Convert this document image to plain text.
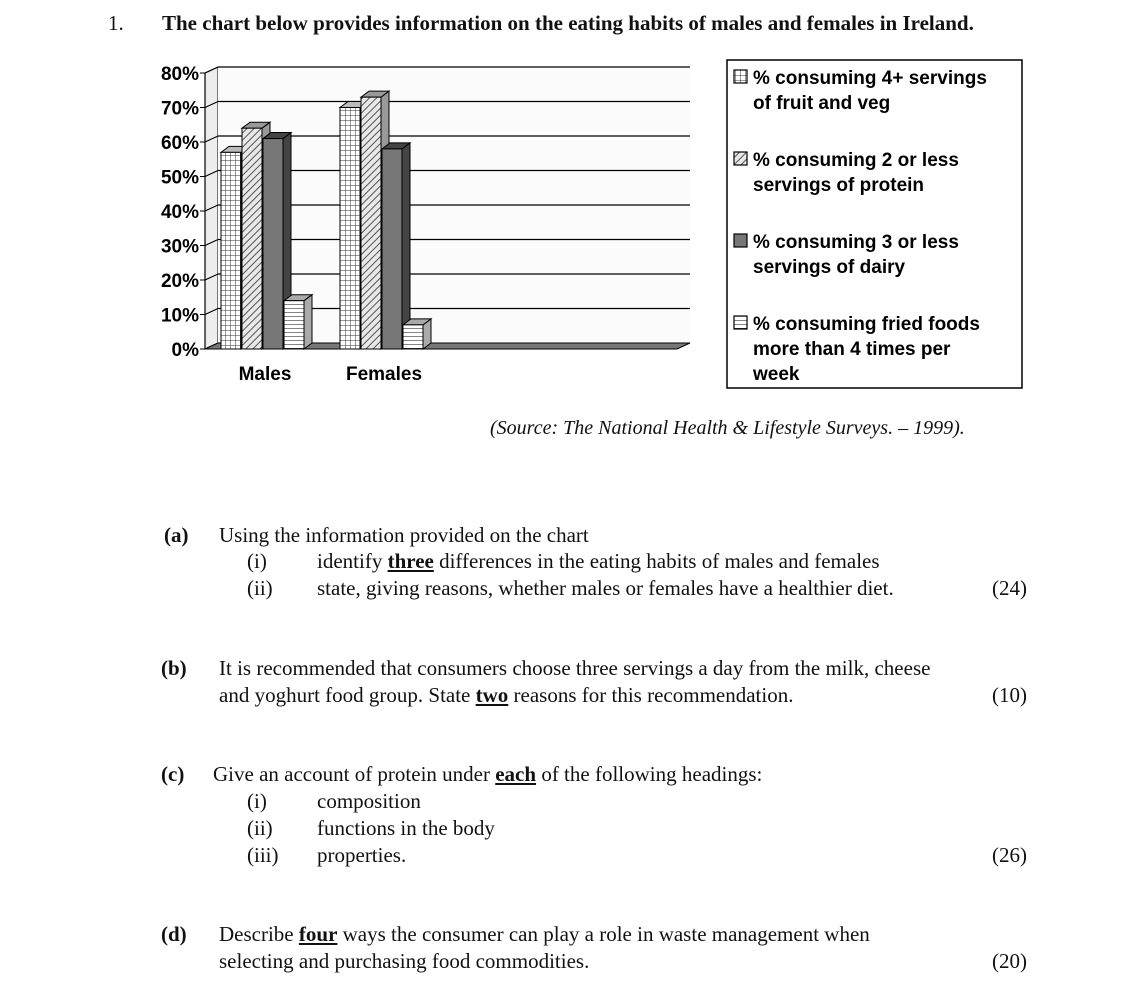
1. The chart below provides information on the eating habits of males and females in Ireland.
0%
10%
20%
30%
40%
50%
60%
70%
80%
Males	Females
% consuming 4+ servings
of fruit and veg
% consuming 2 or less
servings of protein
% consuming 3 or less
servings of dairy
% consuming fried foods
more than 4 times per
week
(Source: The National Health & Lifestyle Surveys. – 1999).
(a) Using the information provided on the chart
(i) identify three differences in the eating habits of males and females
(ii) state, giving reasons, whether males or females have a healthier diet.	(24)
(b) It is recommended that consumers choose three servings a day from the milk, cheese
and yoghurt food group. State two reasons for this recommendation.	(10)
(c) Give an account of protein under each of the following headings:
(i) composition
(ii) functions in the body
(iii) properties.	(26)
(d) Describe four ways the consumer can play a role in waste management when
selecting and purchasing food commodities.	(20)
